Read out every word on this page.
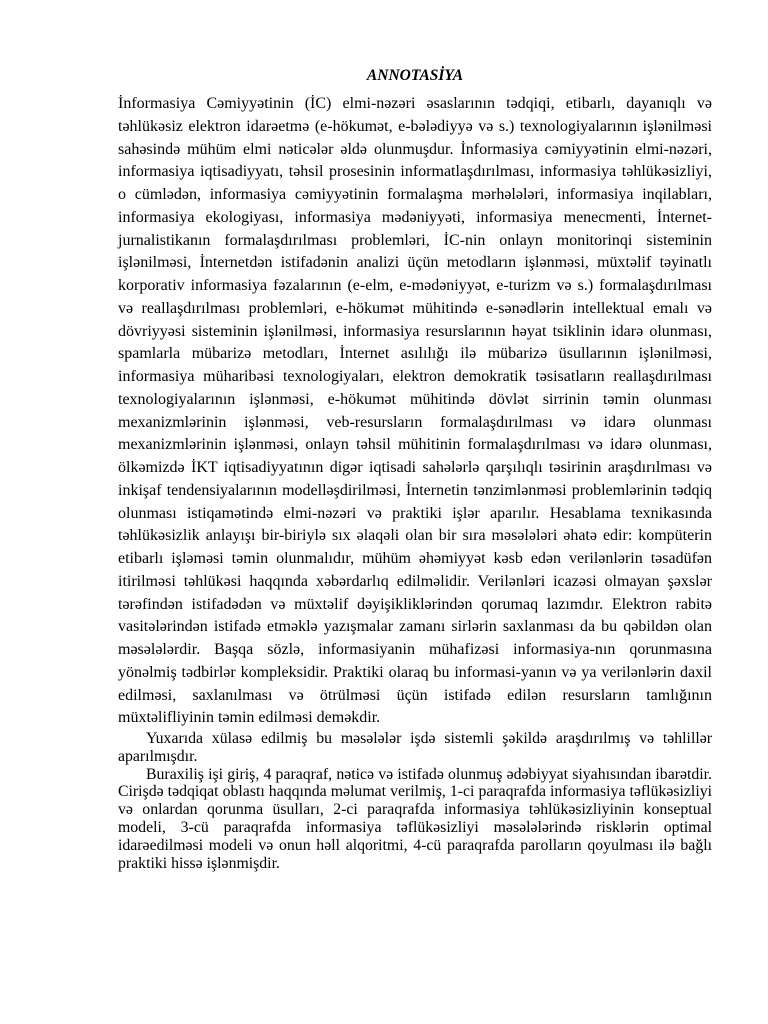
ANNOTASİYA

İnformasiya Cəmiyyətinin (İC) elmi-nəzəri əsaslarının tədqiqi, etibarlı, dayanıqlı və təhlükəsiz elektron idarəetmə (e-hökumət, e-bələdiyyə və s.) texnologiyalarının işlənilməsi sahəsində mühüm elmi nəticələr əldə olunmuşdur. İnformasiya cəmiyyətinin elmi-nəzəri, informasiya iqtisadiyyatı, təhsil prosesinin informatlaşdırılması, informasiya təhlükəsizliyi, o cümlədən, informasiya cəmiyyətinin formalaşma mərhələləri, informasiya inqilabları, informasiya ekologiyası, informasiya mədəniyyəti, informasiya menecmenti, İnternet-jurnalistikanın formalaşdırılması problemləri, İC-nin onlayn monitorinqi sisteminin işlənilməsi, İnternetdən istifadənin analizi üçün metodların işlənməsi, müxtəlif təyinatlı korporativ informasiya fəzalarının (e-elm, e-mədəniyyət, e-turizm və s.) formalaşdırılması və reallaşdırılması problemləri, e-hökumət mühitində e-sənədlərin intellektual emalı və dövriyyəsi sisteminin işlənilməsi, informasiya resurslarının həyat tsiklinin idarə olunması, spamlarla mübarizə metodları, İnternet asılılığı ilə mübarizə üsullarının işlənilməsi, informasiya müharibəsi texnologiyaları, elektron demokratik təsisatların reallaşdırılması texnologiyalarının işlənməsi, e-hökumət mühitində dövlət sirrinin təmin olunması mexanizmlərinin işlənməsi, veb-resursların formalaşdırılması və idarə olunması mexanizmlərinin işlənməsi, onlayn təhsil mühitinin formalaşdırılması və idarə olunması, ölkəmizdə İKT iqtisadiyyatının digər iqtisadi sahələrlə qarşılıqlı təsirinin araşdırılması və inkişaf tendensiyalarının modelləşdirilməsi, İnternetin tənzimlənməsi problemlərinin tədqiq olunması istiqamətində elmi-nəzəri və praktiki işlər aparılır. Hesablama texnikasında təhlükəsizlik anlayışı bir-biriylə sıx əlaqəli olan bir sıra məsələləri əhatə edir: kompüterin etibarlı işləməsi təmin olunmalıdır, mühüm əhəmiyyət kəsb edən verilənlərin təsadüfən itirilməsi təhlükəsi haqqında xəbərdarlıq edilməlidir. Verilənləri icazəsi olmayan şəxslər tərəfindən istifadədən və müxtəlif dəyişikliklərindən qorumaq lazımdır. Elektron rabitə vasitələrindən istifadə etməklə yazışmalar zamanı sirlərin saxlanması da bu qəbildən olan məsələlərdir. Başqa sözlə, informasiyanin mühafizəsi informasiya-nın qorunmasına yönəlmiş tədbirlər kompleksidir. Praktiki olaraq bu informasi-yanın və ya verilənlərin daxil edilməsi, saxlanılması və ötrülməsi üçün istifadə edilən resursların tamlığının müxtəlifliyinin təmin edilməsi deməkdir.

Yuxarıda xülasə edilmiş bu məsələlər işdə sistemli şəkildə araşdırılmış və təhlillər aparılmışdır.

Buraxiliş işi giriş, 4 paraqraf, nəticə və istifadə olunmuş ədəbiyyat siyahısından ibarətdir. Cirişdə tədqiqat oblastı haqqında məlumat verilmiş, 1-ci paraqrafda informasiya təflükəsizliyi və onlardan qorunma üsulları, 2-ci paraqrafda informasiya təhlükəsizliyinin konseptual modeli, 3-cü paraqrafda informasiya təflükəsizliyi məsələlərində risklərin optimal idarəedilməsi modeli və onun həll alqoritmi, 4-cü paraqrafda parolların qoyulması ilə bağlı praktiki hissə işlənmişdir.
